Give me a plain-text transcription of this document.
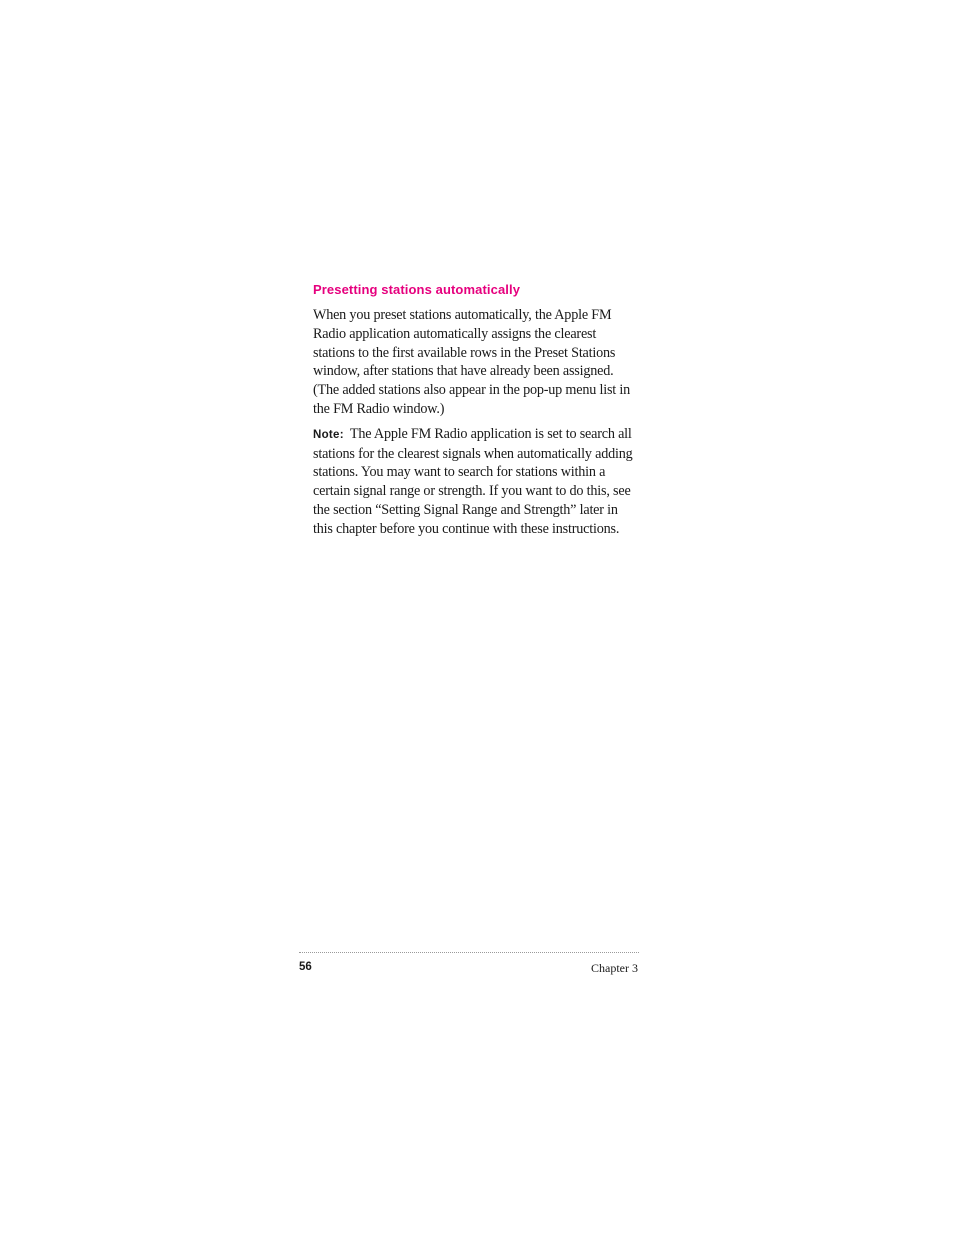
Presetting stations automatically

When you preset stations automatically, the Apple FM Radio application automatically assigns the clearest stations to the first available rows in the Preset Stations window, after stations that have already been assigned. (The added stations also appear in the pop-up menu list in the FM Radio window.)

Note: The Apple FM Radio application is set to search all stations for the clearest signals when automatically adding stations. You may want to search for stations within a certain signal range or strength. If you want to do this, see the section “Setting Signal Range and Strength” later in this chapter before you continue with these instructions.

56	Chapter 3
